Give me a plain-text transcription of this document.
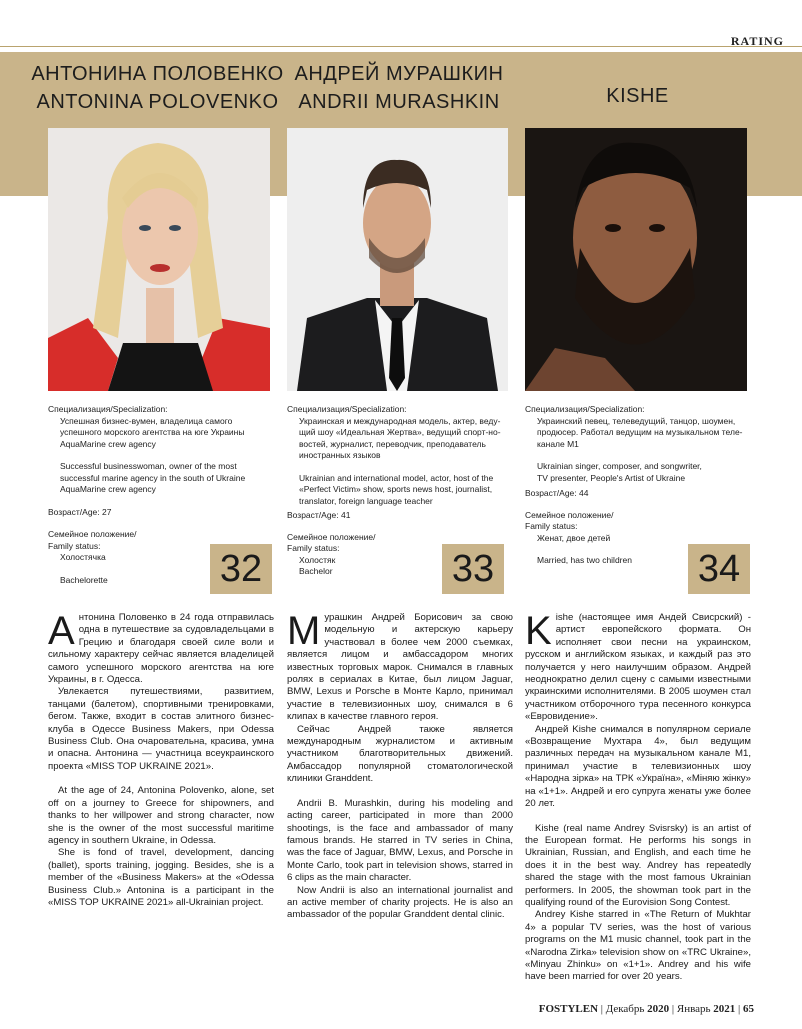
RATING
АНТОНИНА ПОЛОВЕНКО
ANTONINA POLOVENKO
АНДРЕЙ МУРАШКИН
ANDRII MURASHKIN	KISHE

Специализация/Specialization:

Успешная бизнес-вумен, владелица самого

успешного морского агентства на юге Украины

AquaMarine crew agency

Successful businesswoman, owner of the most

successful marine agency in the south of Ukraine

AquaMarine crew agency

Возраст/Age: 27

Семейное положение/

Family status:

Холостячка

Bachelorette	32

Специализация/Specialization:

Украинская и международная модель, актер, веду-

щий шоу «Идеальная Жертва», ведущий спорт-но-

востей, журналист, переводчик, преподаватель

иностранных языков

Ukrainian and international model, actor, host of the

«Perfect Victim» show, sports news host, journalist,

translator, foreign language teacher

Возраст/Age: 41

Семейное положение/

Family status:

Холостяк

Bachelor	33

Специализация/Specialization:

Украинский певец, телеведущий, танцор, шоумен,

продюсер. Работал ведущим на музыкальном теле-

канале M1

Ukrainian singer, composer, and songwriter,

TV presenter, People's Artist of Ukraine

Возраст/Age: 44

Семейное положение/

Family status:

Женат, двое детей

Married, has two children	34
А нтонина Половенко в 24 года отправилась одна в путешествие за судовладельцами в Грецию и благодаря своей силе воли и сильному характеру сейчас является владелицей самого успешного морского агентства на юге Украины, в г. Одесса.

Увлекается путешествиями, развитием, танцами (балетом), спортивными тренировками, бегом. Также, входит в состав элитного бизнес-клуба в Одессе Business Makers, при Odessa Business Club. Она очаровательна, красива, умна и опасна. Антонина — участница всеукраинского проекта «MISS TOP UKRAINE 2021».

At the age of 24, Antonina Polovenko, alone, set off on a journey to Greece for shipowners, and thanks to her willpower and strong character, now she is the owner of the most successful maritime agency in southern Ukraine, in Odessa.

She is fond of travel, development, dancing (ballet), sports training, jogging. Besides, she is a member of the «Business Makers» at the «Odessa Business Club.» Antonina is a participant in the «MISS TOP UKRAINE 2021» all-Ukrainian project.

М урашкин Андрей Борисович за свою модельную и актерскую карьеру участвовал в более чем 2000 съемках, является лицом и амбассадором многих известных торговых марок. Снимался в главных ролях в сериалах в Китае, был лицом Jaguar, BMW, Lexus и Porsche в Монте Карло, принимал участие в телевизионных шоу, снимался в 6 клипах в качестве главного героя.

Сейчас Андрей также является международным журналистом и активным участником благотворительных движений. Амбассадор популярной стоматологической клиники Grанddent.

Andrii B. Murashkin, during his modeling and acting career, participated in more than 2000 shootings, is the face and ambassador of many famous brands. He starred in TV series in China, was the face of Jaguar, BMW, Lexus, and Porsche in Monte Carlo, took part in television shows, starred in 6 clips as the main character.

Now Andrii is also an international journalist and an active member of charity projects. He is also an ambassador of the popular Granddent dental clinic.

K ishe (настоящее имя Андей Свисрский) - артист европейского формата. Он исполняет свои песни на украинском, русском и английском языках, и каждый раз это получается у него наилучшим образом. Андрей неоднократно делил сцену с самыми известными украинскими исполнителями. В 2005 шоумен стал участником отборочного тура песенного конкурса «Евровидение».

Андрей Kishe снимался в популярном сериале «Возвращение Мухтара 4», был ведущим различных передач на музыкальном канале M1, принимал участие в телевизионных шоу «Народна зірка» на ТРК «Україна», «Міняю жінку» на «1+1». Андрей и его супруга женаты уже более 20 лет.

Kishe (real name Andrey Svisrsky) is an artist of the European format. He performs his songs in Ukrainian, Russian, and English, and each time he does it in the best way. Andrey has repeatedly shared the stage with the most famous Ukrainian performers. In 2005, the showman took part in the qualifying round of the Eurovision Song Contest.

Andrey Kishe starred in «The Return of Mukhtar 4» a popular TV series, was the host of various programs on the M1 music channel, took part in the «Narodna Zirka» television show on «TRC Ukraine», «Minyau Zhinku» on «1+1». Andrey and his wife have been married for over 20 years.

FOSTYLEN | Декабрь 2020 | Январь 2021 | 65
